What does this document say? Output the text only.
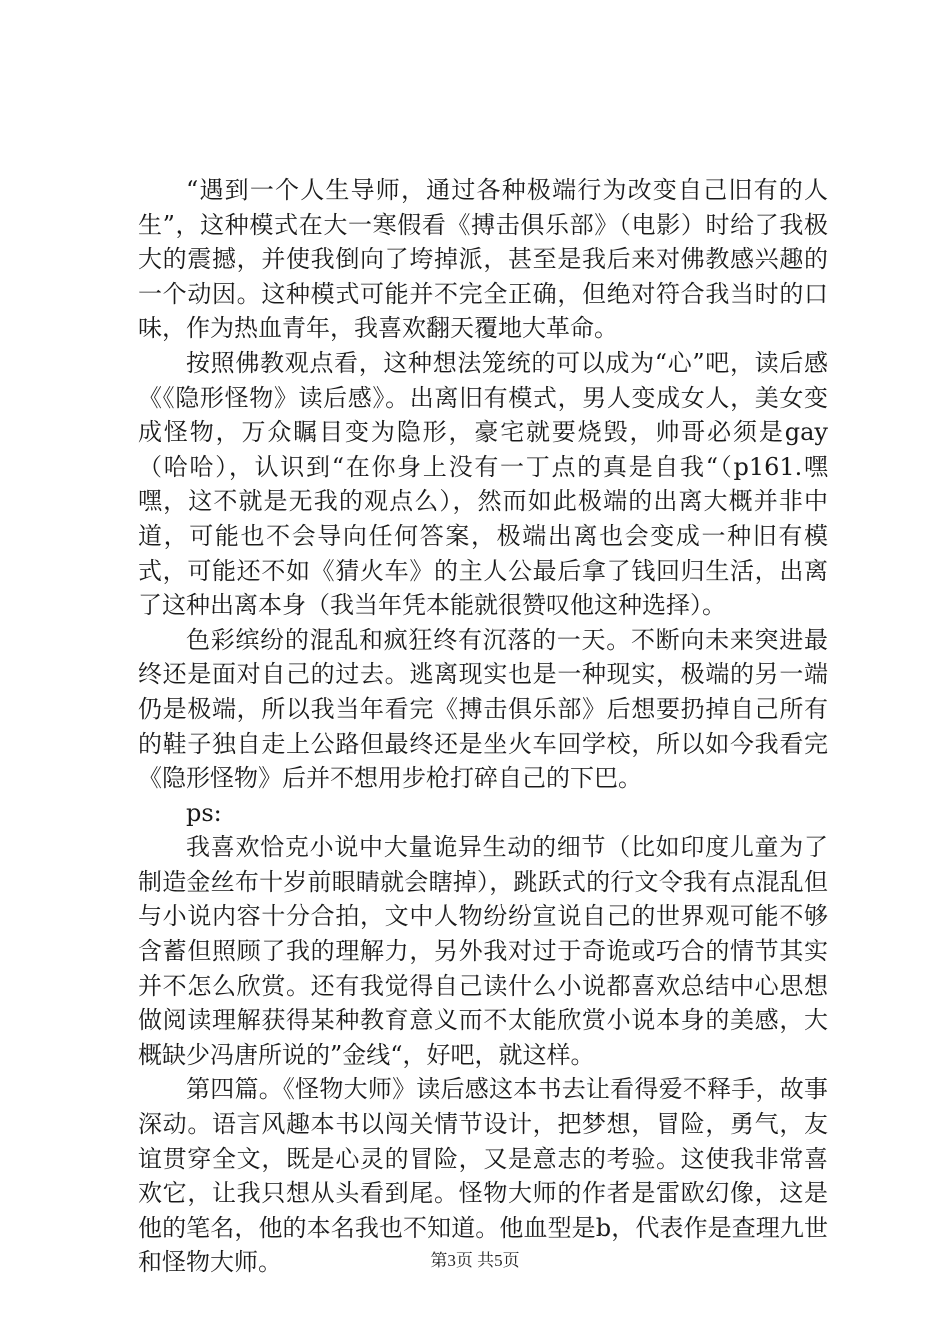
“遇到一个人生导师，通过各种极端行为改变自己旧有的人生”，这种模式在大一寒假看《搏击俱乐部》（电影）时给了我极大的震撼，并使我倒向了垮掉派，甚至是我后来对佛教感兴趣的一个动因。这种模式可能并不完全正确，但绝对符合我当时的口味，作为热血青年，我喜欢翻天覆地大革命。

按照佛教观点看，这种想法笼统的可以成为“心”吧，读后感《《隐形怪物》读后感》。出离旧有模式，男人变成女人，美女变成怪物，万众瞩目变为隐形，豪宅就要烧毁，帅哥必须是gay（哈哈），认识到“在你身上没有一丁点的真是自我“（p161.嘿嘿，这不就是无我的观点么），然而如此极端的出离大概并非中道，可能也不会导向任何答案，极端出离也会变成一种旧有模式，可能还不如《猜火车》的主人公最后拿了钱回归生活，出离了这种出离本身（我当年凭本能就很赞叹他这种选择）。

色彩缤纷的混乱和疯狂终有沉落的一天。不断向未来突进最终还是面对自己的过去。逃离现实也是一种现实，极端的另一端仍是极端，所以我当年看完《搏击俱乐部》后想要扔掉自己所有的鞋子独自走上公路但最终还是坐火车回学校，所以如今我看完《隐形怪物》后并不想用步枪打碎自己的下巴。

ps:

我喜欢恰克小说中大量诡异生动的细节（比如印度儿童为了制造金丝布十岁前眼睛就会瞎掉），跳跃式的行文令我有点混乱但与小说内容十分合拍，文中人物纷纷宣说自己的世界观可能不够含蓄但照顾了我的理解力，另外我对过于奇诡或巧合的情节其实并不怎么欣赏。还有我觉得自己读什么小说都喜欢总结中心思想做阅读理解获得某种教育意义而不太能欣赏小说本身的美感，大概缺少冯唐所说的”金线“，好吧，就这样。

第四篇。《怪物大师》读后感这本书去让看得爱不释手，故事深动。语言风趣本书以闯关情节设计，把梦想，冒险，勇气，友谊贯穿全文，既是心灵的冒险，又是意志的考验。这使我非常喜欢它，让我只想从头看到尾。怪物大师的作者是雷欧幻像，这是他的笔名，他的本名我也不知道。他血型是b，代表作是查理九世和怪物大师。	第3页 共5页
